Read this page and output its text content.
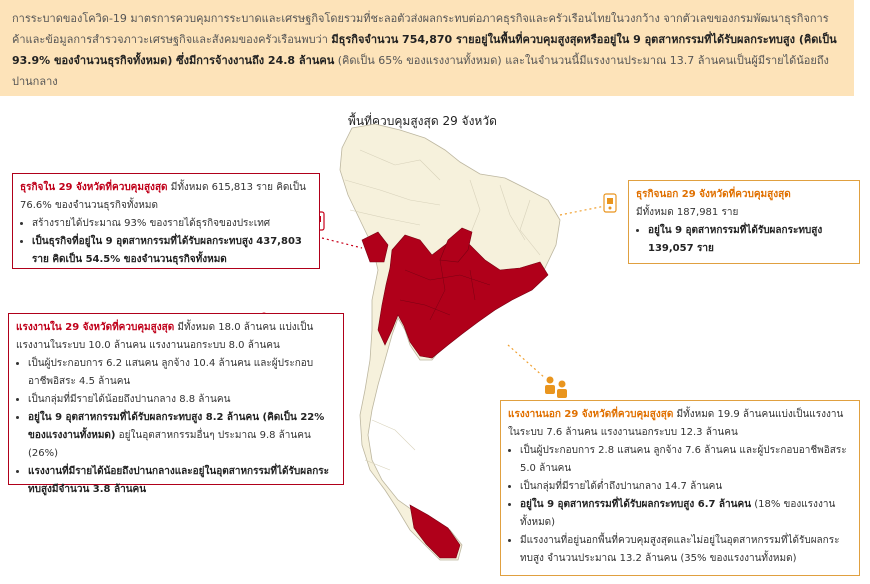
การระบาดของโควิด-19 มาตรการควบคุมการระบาดและเศรษฐกิจโดยรวมที่ชะลอตัวส่งผลกระทบต่อภาคธุรกิจและครัวเรือนไทยในวงกว้าง จากตัวเลขของกรมพัฒนาธุรกิจการค้าและข้อมูลการสำรวจภาวะเศรษฐกิจและสังคมของครัวเรือนพบว่า มีธุรกิจจำนวน 754,870 รายอยู่ในพื้นที่ควบคุมสูงสุดหรืออยู่ใน 9 อุตสาหกรรมที่ได้รับผลกระทบสูง (คิดเป็น 93.9% ของจำนวนธุรกิจทั้งหมด) ซึ่งมีการจ้างงานถึง 24.8 ล้านคน (คิดเป็น 65% ของแรงงานทั้งหมด) และในจำนวนนี้มีแรงงานประมาณ 13.7 ล้านคนเป็นผู้มีรายได้น้อยถึงปานกลาง
พื้นที่ควบคุมสูงสุด 29 จังหวัด
ธุรกิจใน 29 จังหวัดที่ควบคุมสูงสุด มีทั้งหมด 615,813 ราย คิดเป็น 76.6% ของจำนวนธุรกิจทั้งหมด
• สร้างรายได้ประมาณ 93% ของรายได้ธุรกิจของประเทศ
• เป็นธุรกิจที่อยู่ใน 9 อุตสาหกรรมที่ได้รับผลกระทบสูง 437,803 ราย คิดเป็น 54.5% ของจำนวนธุรกิจทั้งหมด
ธุรกิจนอก 29 จังหวัดที่ควบคุมสูงสุด
มีทั้งหมด 187,981 ราย
• อยู่ใน 9 อุตสาหกรรมที่ได้รับผลกระทบสูง 139,057 ราย
แรงงานใน 29 จังหวัดที่ควบคุมสูงสุด มีทั้งหมด 18.0 ล้านคน แบ่งเป็นแรงงานในระบบ 10.0 ล้านคน แรงงานนอกระบบ 8.0 ล้านคน
• เป็นผู้ประกอบการ 6.2 แสนคน ลูกจ้าง 10.4 ล้านคน และผู้ประกอบอาชีพอิสระ 4.5 ล้านคน
• เป็นกลุ่มที่มีรายได้น้อยถึงปานกลาง 8.8 ล้านคน
• อยู่ใน 9 อุตสาหกรรมที่ได้รับผลกระทบสูง 8.2 ล้านคน (คิดเป็น 22% ของแรงงานทั้งหมด) อยู่ในอุตสาหกรรมอื่นๆ ประมาณ 9.8 ล้านคน (26%)
• แรงงานที่มีรายได้น้อยถึงปานกลางและอยู่ในอุตสาหกรรมที่ได้รับผลกระทบสูงมีจำนวน 3.8 ล้านคน
แรงงานนอก 29 จังหวัดที่ควบคุมสูงสุด มีทั้งหมด 19.9 ล้านคนแบ่งเป็นแรงงานในระบบ 7.6 ล้านคน แรงงานนอกระบบ 12.3 ล้านคน
• เป็นผู้ประกอบการ 2.8 แสนคน ลูกจ้าง 7.6 ล้านคน และผู้ประกอบอาชีพอิสระ 5.0 ล้านคน
• เป็นกลุ่มที่มีรายได้ต่ำถึงปานกลาง 14.7 ล้านคน
• อยู่ใน 9 อุตสาหกรรมที่ได้รับผลกระทบสูง 6.7 ล้านคน (18% ของแรงงานทั้งหมด)
• มีแรงงานที่อยู่นอกพื้นที่ควบคุมสูงสุดและไม่อยู่ในอุตสาหกรรมที่ได้รับผลกระทบสูง จำนวนประมาณ 13.2 ล้านคน (35% ของแรงงานทั้งหมด)
